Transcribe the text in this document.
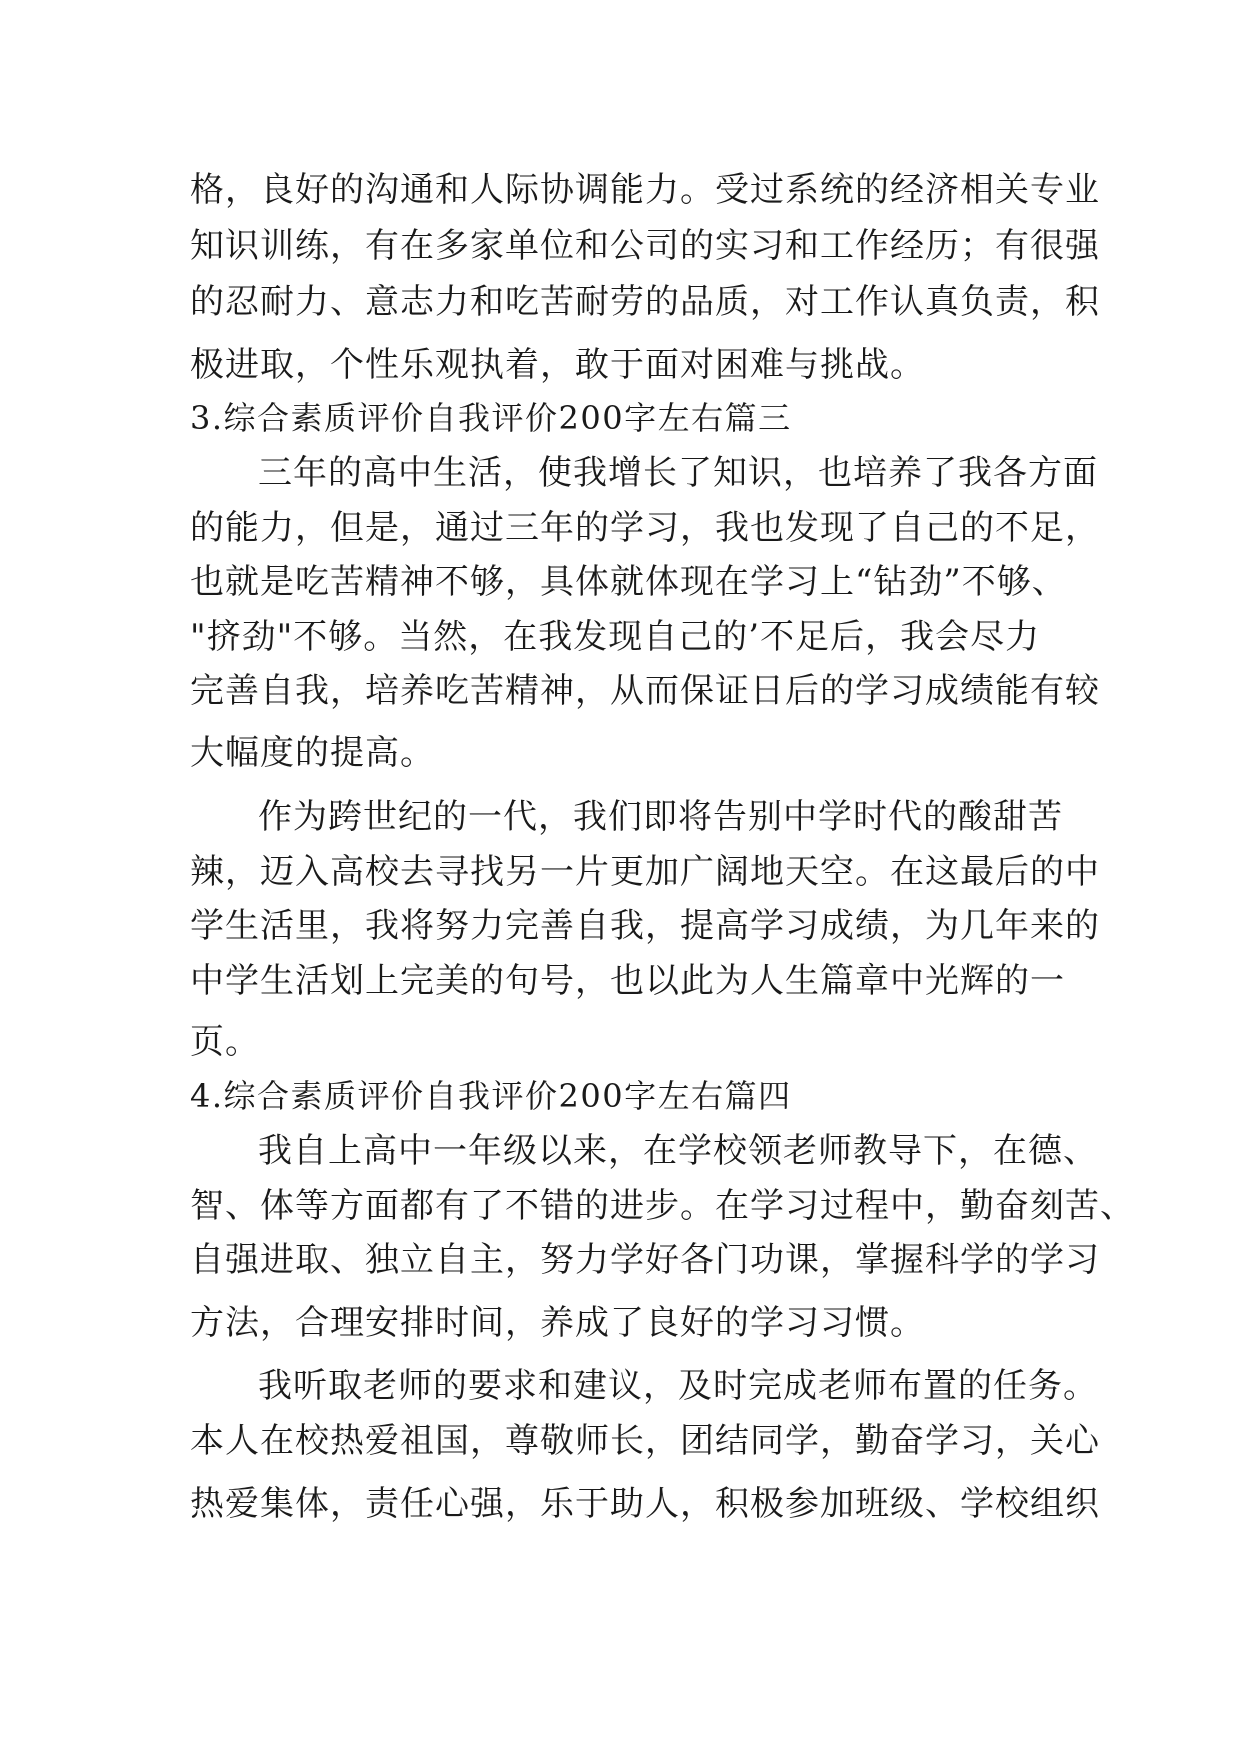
格，良好的沟通和人际协调能力。受过系统的经济相关专业
知识训练，有在多家单位和公司的实习和工作经历；有很强
的忍耐力、意志力和吃苦耐劳的品质，对工作认真负责，积
极进取，个性乐观执着，敢于面对困难与挑战。
3.综合素质评价自我评价200字左右篇三
三年的高中生活，使我增长了知识，也培养了我各方面
的能力，但是，通过三年的学习，我也发现了自己的不足，
也就是吃苦精神不够，具体就体现在学习上“钻劲”不够、
"挤劲"不够。当然，在我发现自己的’不足后，我会尽力
完善自我，培养吃苦精神，从而保证日后的学习成绩能有较
大幅度的提高。
作为跨世纪的一代，我们即将告别中学时代的酸甜苦
辣，迈入高校去寻找另一片更加广阔地天空。在这最后的中
学生活里，我将努力完善自我，提高学习成绩，为几年来的
中学生活划上完美的句号，也以此为人生篇章中光辉的一
页。
4.综合素质评价自我评价200字左右篇四
我自上高中一年级以来，在学校领老师教导下，在德、
智、体等方面都有了不错的进步。在学习过程中，勤奋刻苦、
自强进取、独立自主，努力学好各门功课，掌握科学的学习
方法，合理安排时间，养成了良好的学习习惯。
我听取老师的要求和建议，及时完成老师布置的任务。
本人在校热爱祖国，尊敬师长，团结同学，勤奋学习，关心
热爱集体，责任心强，乐于助人，积极参加班级、学校组织
